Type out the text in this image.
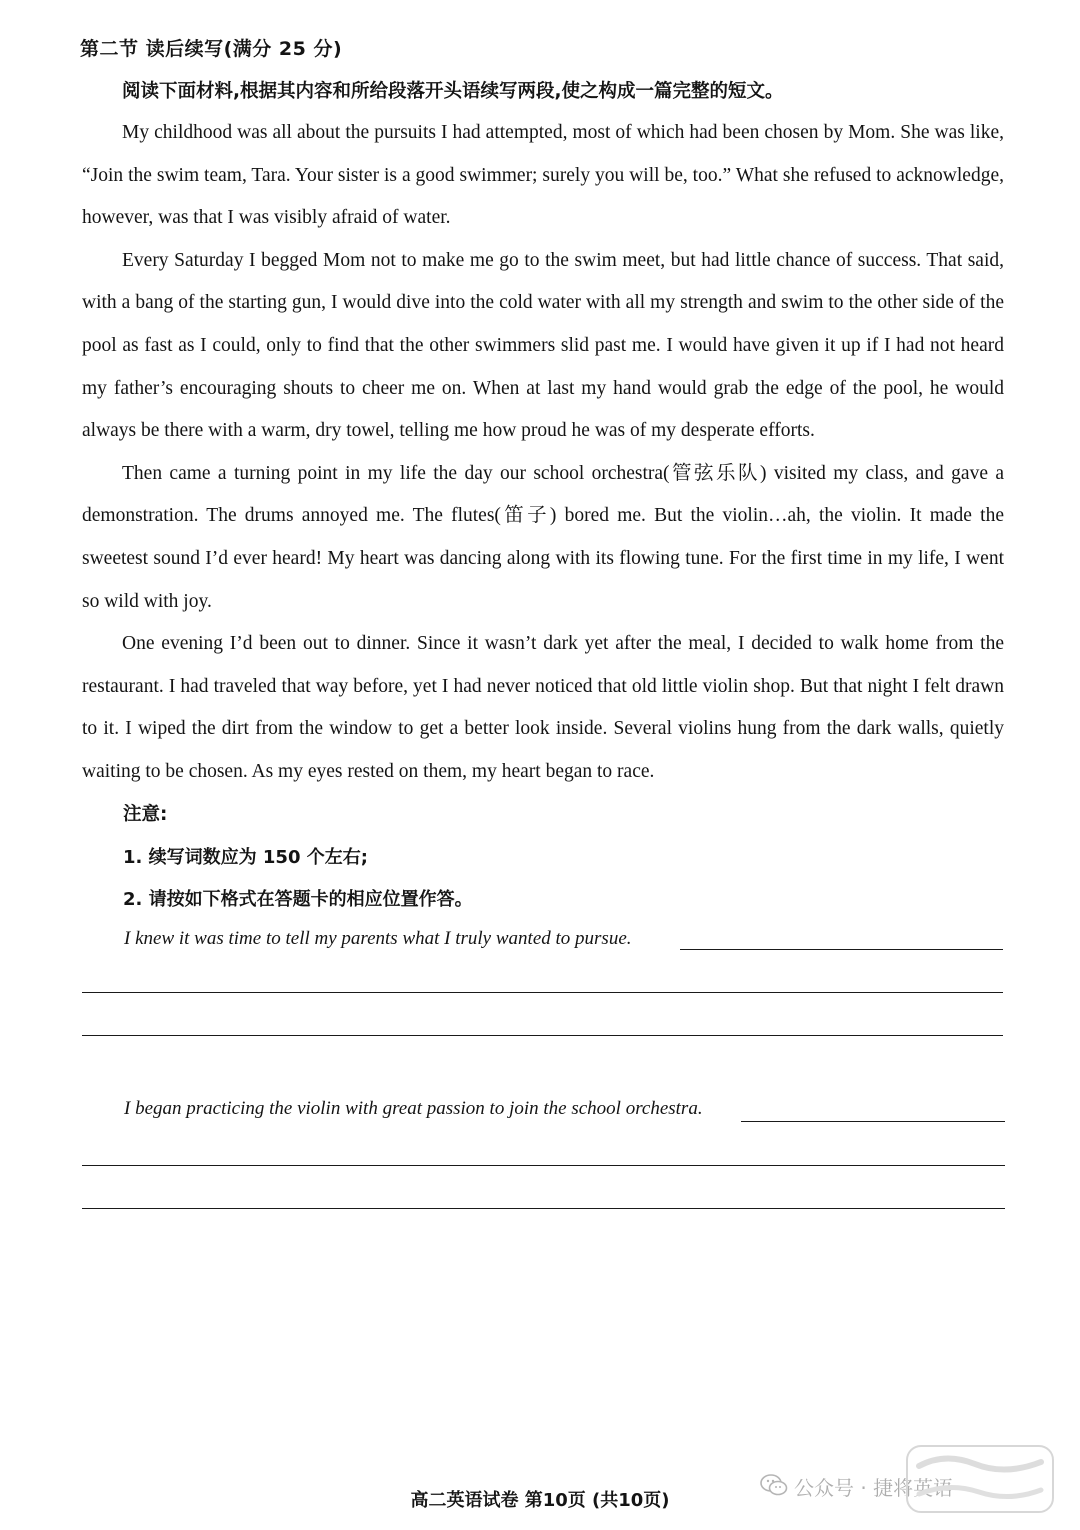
第二节 读后续写(满分 25 分)
阅读下面材料,根据其内容和所给段落开头语续写两段,使之构成一篇完整的短文。

My childhood was all about the pursuits I had attempted, most of which had been chosen by Mom. She was like, “Join the swim team, Tara. Your sister is a good swimmer; surely you will be, too.” What she refused to acknowledge, however, was that I was visibly afraid of water.

Every Saturday I begged Mom not to make me go to the swim meet, but had little chance of success. That said, with a bang of the starting gun, I would dive into the cold water with all my strength and swim to the other side of the pool as fast as I could, only to find that the other swimmers slid past me. I would have given it up if I had not heard my father’s encouraging shouts to cheer me on. When at last my hand would grab the edge of the pool, he would always be there with a warm, dry towel, telling me how proud he was of my desperate efforts.

Then came a turning point in my life the day our school orchestra(管弦乐队) visited my class, and gave a demonstration. The drums annoyed me. The flutes(笛子) bored me. But the violin…ah, the violin. It made the sweetest sound I’d ever heard! My heart was dancing along with its flowing tune. For the first time in my life, I went so wild with joy.

One evening I’d been out to dinner. Since it wasn’t dark yet after the meal, I decided to walk home from the restaurant. I had traveled that way before, yet I had never noticed that old little violin shop. But that night I felt drawn to it. I wiped the dirt from the window to get a better look inside. Several violins hung from the dark walls, quietly waiting to be chosen. As my eyes rested on them, my heart began to race.

注意:
1. 续写词数应为 150 个左右;
2. 请按如下格式在答题卡的相应位置作答。
I knew it was time to tell my parents what I truly wanted to pursue.
I began practicing the violin with great passion to join the school orchestra.
高二英语试卷 第10页 (共10页)
公众号 · 捷将英语
